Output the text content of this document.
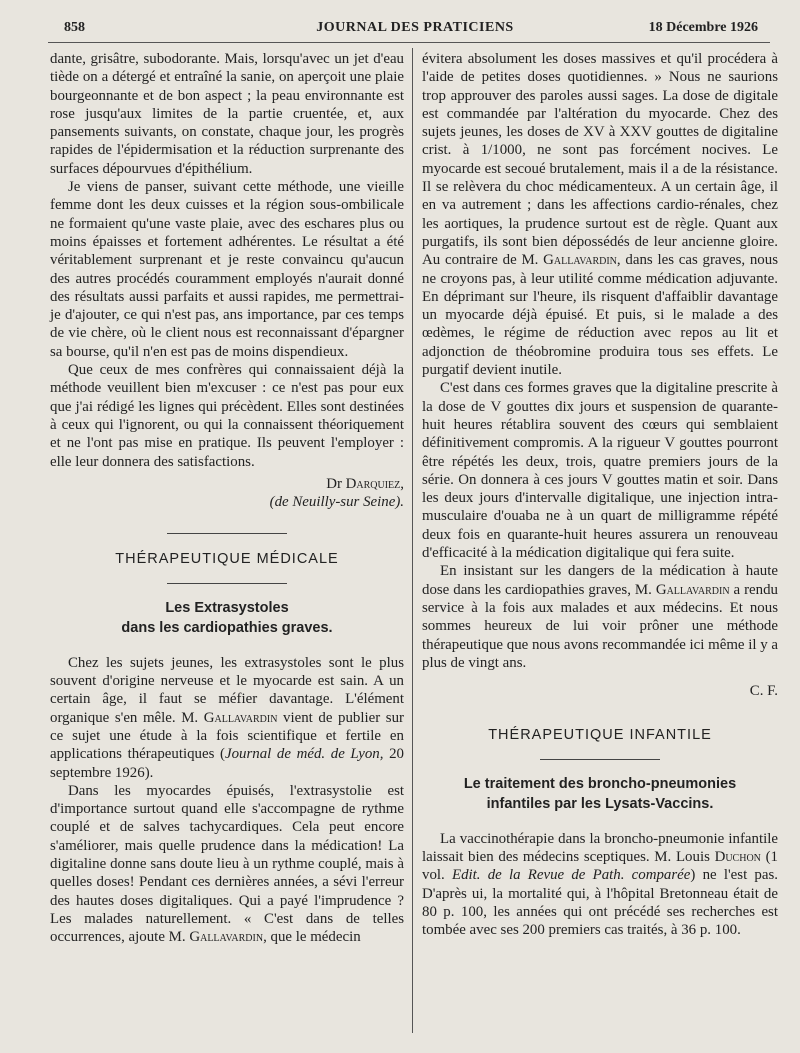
858	JOURNAL DES PRATICIENS	18 Décembre 1926

dante, grisâtre, subodorante. Mais, lorsqu'avec un jet d'eau tiède on a détergé et entraîné la sanie, on aperçoit une plaie bourgeonnante et de bon aspect ; la peau environnante est rose jusqu'aux limites de la partie cruentée, et, aux pansements suivants, on constate, chaque jour, les progrès rapides de l'épidermisation et la réduction surprenante des surfaces dépourvues d'épithélium.

Je viens de panser, suivant cette méthode, une vieille femme dont les deux cuisses et la région sous-ombilicale ne formaient qu'une vaste plaie, avec des eschares plus ou moins épaisses et fortement adhérentes. Le résultat a été véritablement surprenant et je reste convaincu qu'aucun des autres procédés couramment employés n'aurait donné des résultats aussi parfaits et aussi rapides, me permettrai-je d'ajouter, ce qui n'est pas, ans importance, par ces temps de vie chère, où le client nous est reconnaissant d'épargner sa bourse, qu'il n'en est pas de moins dispendieux.

Que ceux de mes confrères qui connaissaient déjà la méthode veuillent bien m'excuser : ce n'est pas pour eux que j'ai rédigé les lignes qui précèdent. Elles sont destinées à ceux qui l'ignorent, ou qui la connaissent théoriquement et ne l'ont pas mise en pratique. Ils peuvent l'employer : elle leur donnera des satisfactions.

Dr Darquiez,
(de Neuilly-sur Seine).
THÉRAPEUTIQUE MÉDICALE
Les Extrasystoles
dans les cardiopathies graves.

Chez les sujets jeunes, les extrasystoles sont le plus souvent d'origine nerveuse et le myocarde est sain. A un certain âge, il faut se méfier davantage. L'élément organique s'en mêle. M. Gallavardin vient de publier sur ce sujet une étude à la fois scientifique et fertile en applications thérapeutiques (Journal de méd. de Lyon, 20 septembre 1926).

Dans les myocardes épuisés, l'extrasystolie est d'importance surtout quand elle s'accompagne de rythme couplé et de salves tachycardiques. Cela peut encore s'améliorer, mais quelle prudence dans la médication! La digitaline donne sans doute lieu à un rythme couplé, mais à quelles doses! Pendant ces dernières années, a sévi l'erreur des hautes doses digitaliques. Qui a payé l'imprudence ? Les malades naturellement. « C'est dans de telles occurrences, ajoute M. Gallavardin, que le médecin

évitera absolument les doses massives et qu'il procédera à l'aide de petites doses quotidiennes. » Nous ne saurions trop approuver des paroles aussi sages. La dose de digitale est commandée par l'altération du myocarde. Chez des sujets jeunes, les doses de XV à XXV gouttes de digitaline crist. à 1/1000, ne sont pas forcément nocives. Le myocarde est secoué brutalement, mais il a de la résistance. Il se relèvera du choc médicamenteux. A un certain âge, il en va autrement ; dans les affections cardio-rénales, chez les aortiques, la prudence surtout est de règle. Quant aux purgatifs, ils sont bien dépossédés de leur ancienne gloire. Au contraire de M. Gallavardin, dans les cas graves, nous ne croyons pas, à leur utilité comme médication adjuvante. En déprimant sur l'heure, ils risquent d'affaiblir davantage un myocarde déjà épuisé. Et puis, si le malade a des œdèmes, le régime de réduction avec repos au lit et adjonction de théobromine produira tous ses effets. Le purgatif devient inutile.

C'est dans ces formes graves que la digitaline prescrite à la dose de V gouttes dix jours et suspension de quarante-huit heures rétablira souvent des cœurs qui semblaient définitivement compromis. A la rigueur V gouttes pourront être répétés les deux, trois, quatre premiers jours de la série. On donnera à ces jours V gouttes matin et soir. Dans les deux jours d'intervalle digitalique, une injection intra-musculaire d'ouaba ne à un quart de milligramme répété deux fois en quarante-huit heures assurera un renouveau d'efficacité à la médication digitalique qui fera suite.

En insistant sur les dangers de la médication à haute dose dans les cardiopathies graves, M. Gallavardin a rendu service à la fois aux malades et aux médecins. Et nous sommes heureux de lui voir prôner une méthode thérapeutique que nous avons recommandée ici même il y a plus de vingt ans.

C. F.
THÉRAPEUTIQUE INFANTILE
Le traitement des broncho-pneumonies
infantiles par les Lysats-Vaccins.

La vaccinothérapie dans la broncho-pneumonie infantile laissait bien des médecins sceptiques. M. Louis Duchon (1 vol. Edit. de la Revue de Path. comparée) ne l'est pas. D'après ui, la mortalité qui, à l'hôpital Bretonneau était de 80 p. 100, les années qui ont précédé ses recherches est tombée avec ses 200 premiers cas traités, à 36 p. 100.
